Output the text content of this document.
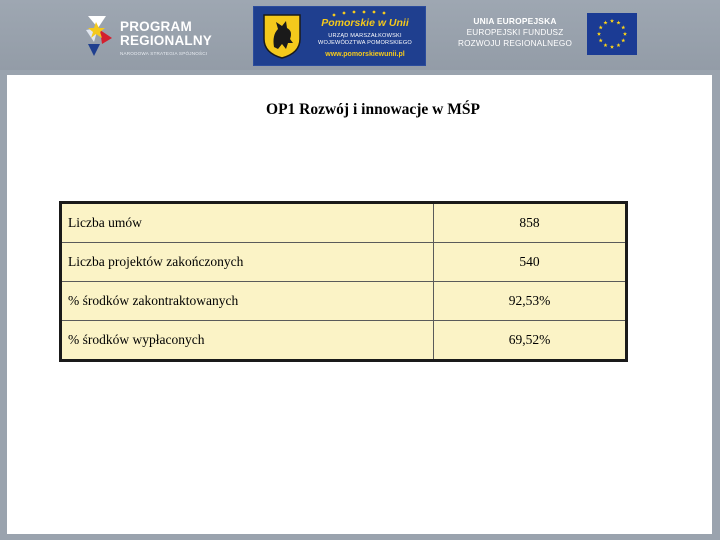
PROGRAM
REGIONALNY
NARODOWA STRATEGIA SPÓJNOŚCI
Pomorskie w Unii
URZĄD MARSZAŁKOWSKI
WOJEWÓDZTWA POMORSKIEGO
www.pomorskiewunii.pl
UNIA EUROPEJSKA
EUROPEJSKI FUNDUSZ
ROZWOJU REGIONALNEGO
OP1 Rozwój i innowacje w MŚP
Liczba umów	858
Liczba projektów zakończonych	540
% środków zakontraktowanych	92,53%
% środków wypłaconych	69,52%
